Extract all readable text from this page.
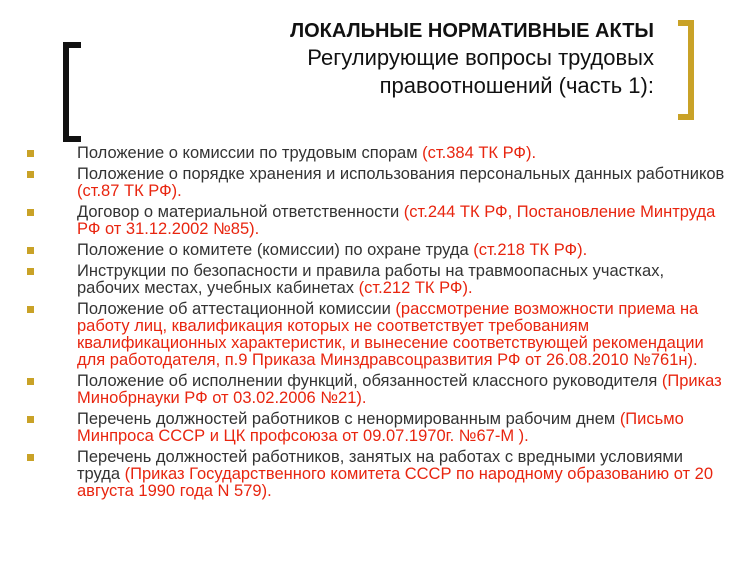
ЛОКАЛЬНЫЕ НОРМАТИВНЫЕ АКТЫ
Регулирующие вопросы трудовых
правоотношений (часть 1):
Положение о комиссии по трудовым спорам (ст.384 ТК РФ).
Положение о порядке хранения и использования персональных данных работников (ст.87 ТК РФ).
Договор о материальной ответственности (ст.244 ТК РФ, Постановление Минтруда РФ от 31.12.2002 №85).
Положение о комитете (комиссии) по охране труда (ст.218 ТК РФ).
Инструкции по безопасности и правила работы на травмоопасных участках, рабочих местах, учебных кабинетах (ст.212 ТК РФ).
Положение об аттестационной комиссии (рассмотрение возможности приема на работу лиц, квалификация которых не соответствует требованиям квалификационных характеристик, и вынесение соответствующей рекомендации для работодателя, п.9 Приказа Минздравсоцразвития РФ от 26.08.2010 №761н).
Положение об исполнении функций, обязанностей классного руководителя (Приказ Минобрнауки РФ от 03.02.2006 №21).
Перечень должностей работников с ненормированным рабочим днем (Письмо Минпроса СССР и ЦК профсоюза от 09.07.1970г. №67-М ).
Перечень должностей работников, занятых на работах с вредными условиями труда (Приказ Государственного комитета СССР по народному образованию от 20 августа 1990 года N 579).
